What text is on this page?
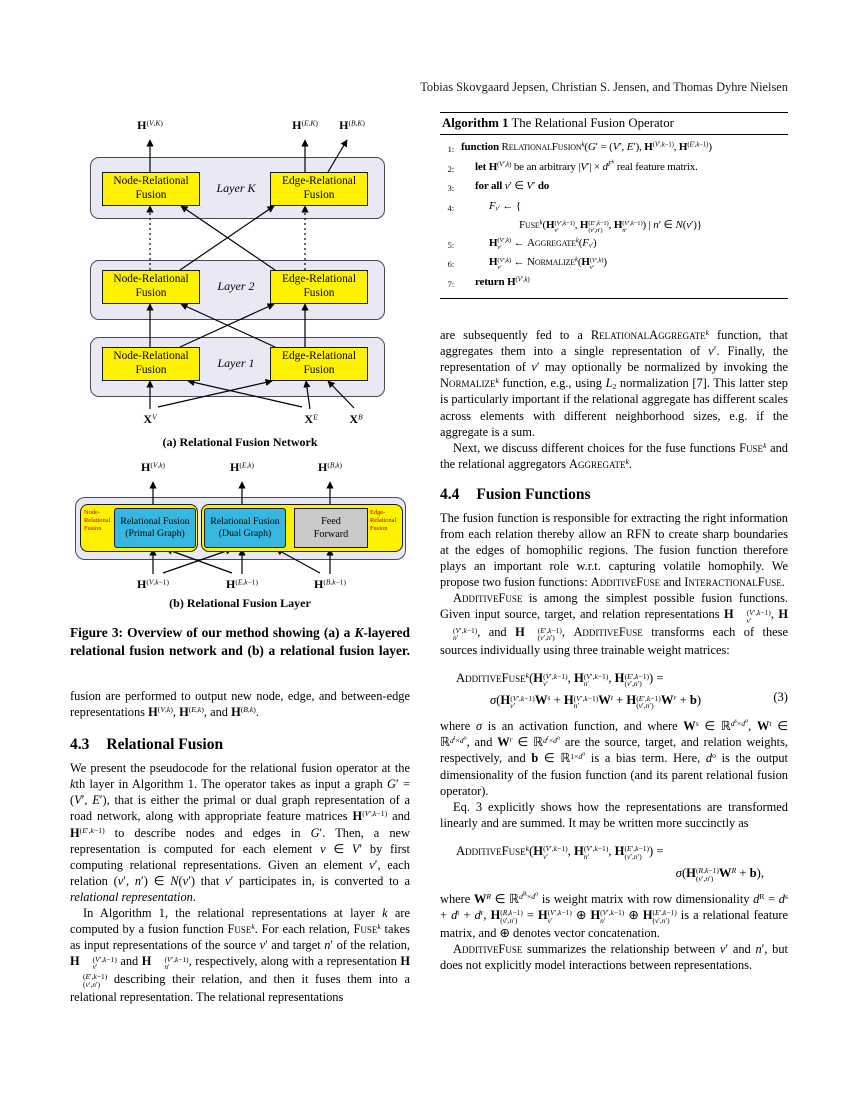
Tobias Skovgaard Jepsen, Christian S. Jensen, and Thomas Dyhre Nielsen
$H^{(V,K)}$	$H^{(E,K)}$ $H^{(B,K)}$
Node-Relational
Fusion	Layer K	Edge-Relational
Fusion
Node-Relational
Fusion	Layer 2	Edge-Relational
Fusion
Node-Relational
Fusion	Layer 1	Edge-Relational
Fusion
$X^V$	$X^E$	$X^B$
(a) Relational Fusion Network
$H^{(V,k)}$	$H^{(E,k)}$	$H^{(B,k)}$
Node-
Relational
Fusion
Relational Fusion
(Primal Graph)
Relational Fusion
(Dual Graph)
Feed
Forward
Edge-
Relational
Fusion
$H^{(V,k-1)}$	$H^{(E,k-1)}$	$H^{(B,k-1)}$
(b) Relational Fusion Layer
Figure 3: Overview of our method showing (a) a K-layered relational fusion network and (b) a relational fusion layer.

fusion are performed to output new node, edge, and between-edge representations $H^{(V,k)}$, $H^{(E,k)}$, and $H^{(B,k)}$.

4.3 Relational Fusion

We present the pseudocode for the relational fusion operator at the kth layer in Algorithm 1. The operator takes as input a graph G′ = (V′, E′), that is either the primal or dual graph representation of a road network, along with appropriate feature matrices $H^{(V',k-1)}$ and $H^{(E',k-1)}$ to describe nodes and edges in G′. Then, a new representation is computed for each element v ∈ V′ by first computing relational representations. Given an element v′, each relation (v′, n′) ∈ N(v′) that v′ participates in, is converted to a relational representation.

In Algorithm 1, the relational representations at layer k are computed by a fusion function Fuse$^k$. For each relation, Fuse$^k$ takes as input representations of the source v′ and target n′ of the relation, H	(V′,k−1)
v′	and H	(V′,k−1)
n′	, respectively, along with a representation H
(E′,k−1)
(v′,n′) describing their relation, and then it fuses them into a relational representation. The relational representations

Algorithm 1 The Relational Fusion Operator
1: function RelationalFusion$^k$(G′ = (V′, E′), $H^{(V',k-1)}$, $H^{(E',k-1)}$)
2: let $H^{(V',k)}$ be an arbitrary $|V'| \times d^{F^k}$ real feature matrix.
3: for all v′ ∈ V′ do
4:	$F_{v'}$ ← {
Fuse$^k$(H (V′,k−1)
v′	, H (E′,k−1)
(v′,n′) , H (V′,k−1)
n′	) | n′ ∈ N(v′)}
5:	H (V′,k)
v′ ← $Aggregate^k(F_{v'})$
6:	H (V′,k)
v′ ← Normalize$^k$(H (V′,k)
v′ )
7: return $H^{(V',k)}$

are subsequently fed to a RelationalAggregate$^k$ function, that aggregates them into a single representation of v′. Finally, the representation of v′ may optionally be normalized by invoking the Normalize$^k$ function, e.g., using $L_2$ normalization [7]. This latter step is particularly important if the relational aggregate has different scales across elements with different neighborhood sizes, e.g. if the aggregate is a sum.

Next, we discuss different choices for the fuse functions Fuse$^k$ and the relational aggregators Aggregate$^k$.

4.4 Fusion Functions

The fusion function is responsible for extracting the right information from each relation thereby allow an RFN to create sharp boundaries at the edges of homophilic regions. The fusion function therefore plays an important role w.r.t. capturing volatile homophily. We propose two fusion functions: AdditiveFuse and InteractionalFuse.

AdditiveFuse is among the simplest possible fusion functions. Given input source, target, and relation representations H	(V′,k−1)
v′	, H
(V′,k−1)
n′	, and H	(E′,k−1)
(v′,n′) , AdditiveFuse transforms each of these sources individually using three trainable weight matrices:

AdditiveFuse$^k$(H (V′,k−1)
v′	, H (V′,k−1)
n′	, H (E′,k−1)
(v′,n′) ) =
σ(H (V′,k−1)
v′	$W^s + H$ (V′,k−1)
n′	$W^t + H$ (E′,k−1)
(v′,n′) $W^r + b$)	(3)

where σ is an activation function, and where $W^s$ ∈ ℝ$^{d^s\times d^o}$, $W^t$ ∈ ℝ$^{d^t\times d^o}$, and $W^r$ ∈ ℝ$^{d^r\times d^o}$ are the source, target, and relation weights, respectively, and b ∈ ℝ$^{1\times d^o}$ is a bias term. Here, $d^o$ is the output dimensionality of the fusion function (and its parent relational fusion operator).

Eq. 3 explicitly shows how the representations are transformed linearly and are summed. It may be written more succinctly as

AdditiveFuse$^k$(H (V′,k−1)
v′	, H (V′,k−1)
n′	, H (E′,k−1)
(v′,n′) ) =
σ(H (R,k−1)
(v′,n′) $W^R + b$),

where $W^R$ ∈ ℝ$^{d^R\times d^o}$ is weight matrix with row dimensionality $d^R = d^s + d^t + d^r$, H (R,k−1)
(v′,n′) = H (V′,k−1)
v′	⊕ H (V′,k−1)
n′	⊕ H (E′,k−1)
(v′,n′) is a relational feature matrix, and ⊕ denotes vector concatenation.

AdditiveFuse summarizes the relationship between v′ and n′, but does not explicitly model interactions between representations.
